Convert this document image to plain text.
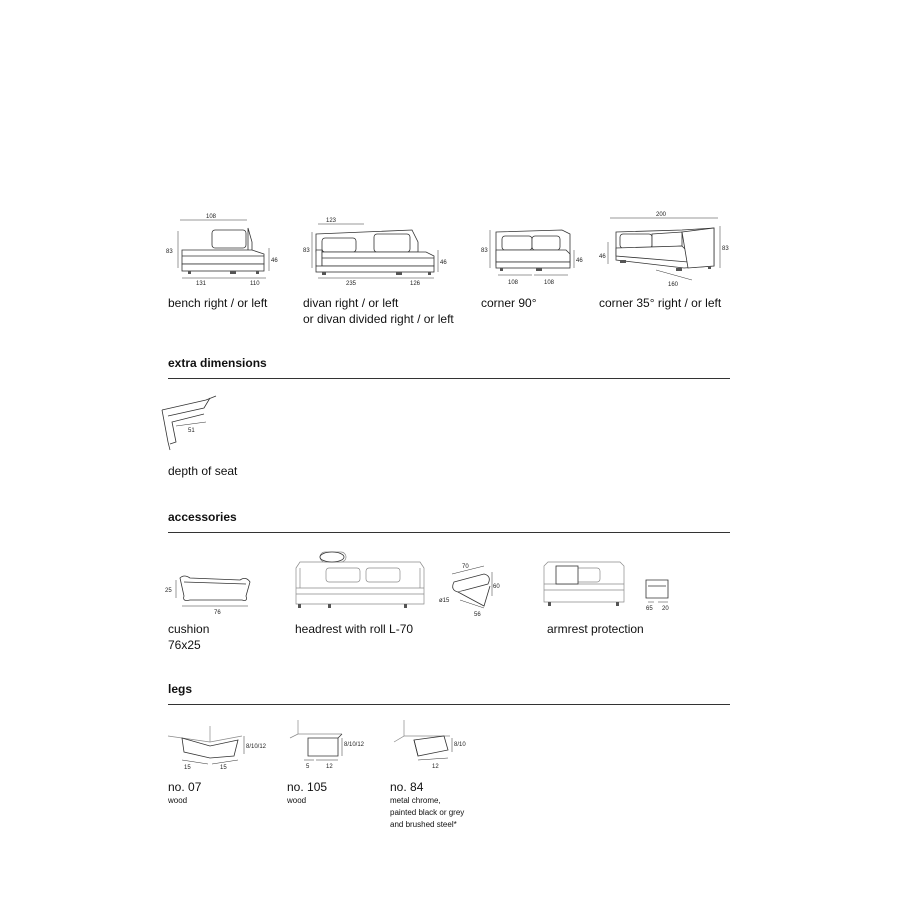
108
83
46
131	110
bench right / or left
123
83
46
235	126
divan right / or left
or divan divided right / or left
83
46
108	108
corner 90°
200
46
83
160
corner 35° right / or left
extra dimensions
51
depth of seat
accessories
25
76
cushion
76x25
70
60
ø15
56
headrest with roll L-70
65 20
armrest protection
legs
15	15
8/10/12
no. 07
wood
8/10/12
5	12
no. 105
wood
8/10
12
no. 84
metal chrome,
painted black or grey
and brushed steel*
